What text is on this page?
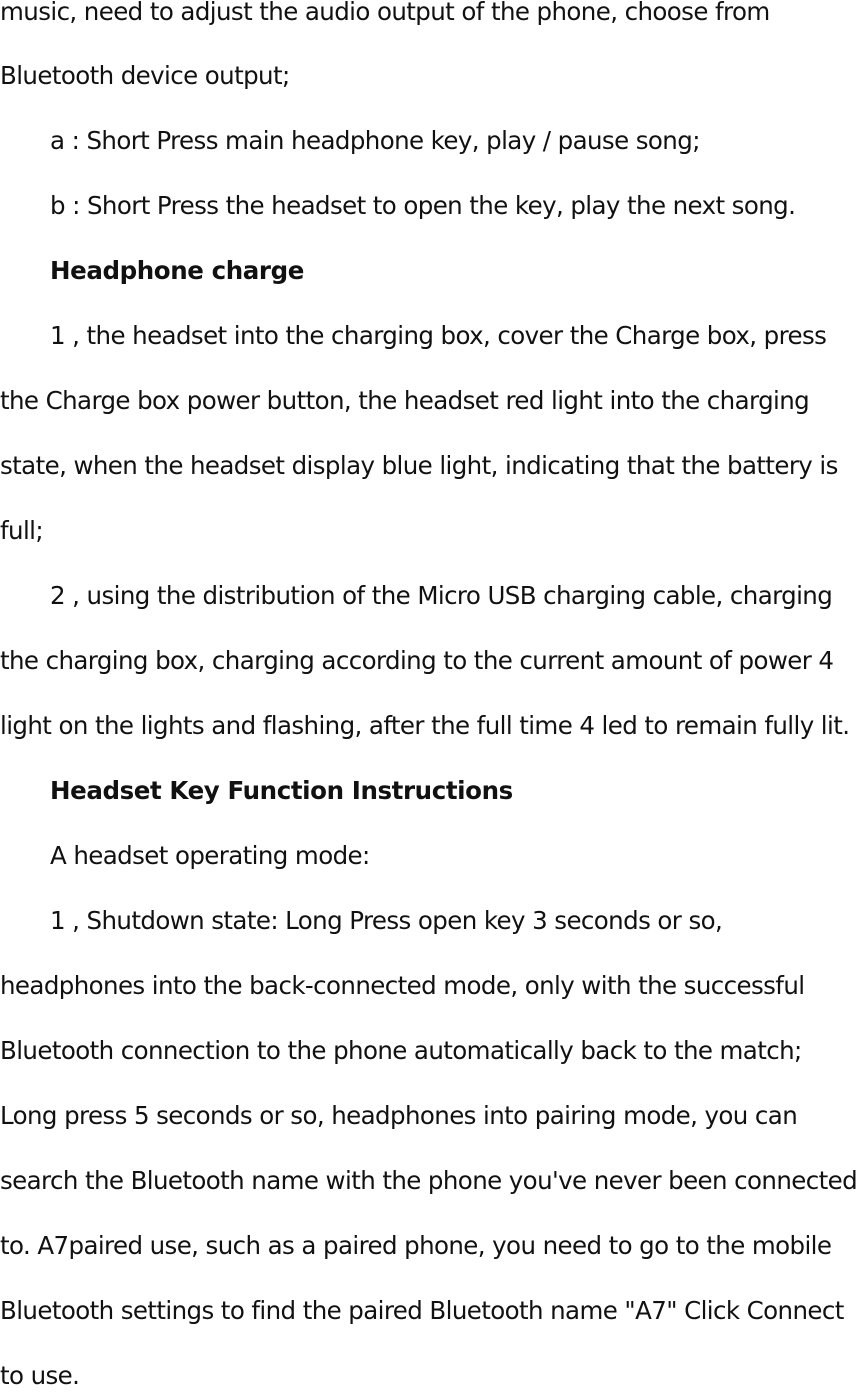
music, need to adjust the audio output of the phone, choose from
Bluetooth device output;
a : Short Press main headphone key, play / pause song;
b : Short Press the headset to open the key, play the next song.
Headphone charge
1 , the headset into the charging box, cover the Charge box, press
the Charge box power button, the headset red light into the charging
state, when the headset display blue light, indicating that the battery is
full;
2 , using the distribution of the Micro USB charging cable, charging
the charging box, charging according to the current amount of power 4
light on the lights and flashing, after the full time 4 led to remain fully lit.
Headset Key Function Instructions
A headset operating mode:
1 , Shutdown state: Long Press open key 3 seconds or so,
headphones into the back-connected mode, only with the successful
Bluetooth connection to the phone automatically back to the match;
Long press 5 seconds or so, headphones into pairing mode, you can
search the Bluetooth name with the phone you've never been connected
to. A7paired use, such as a paired phone, you need to go to the mobile
Bluetooth settings to find the paired Bluetooth name "A7" Click Connect
to use.
